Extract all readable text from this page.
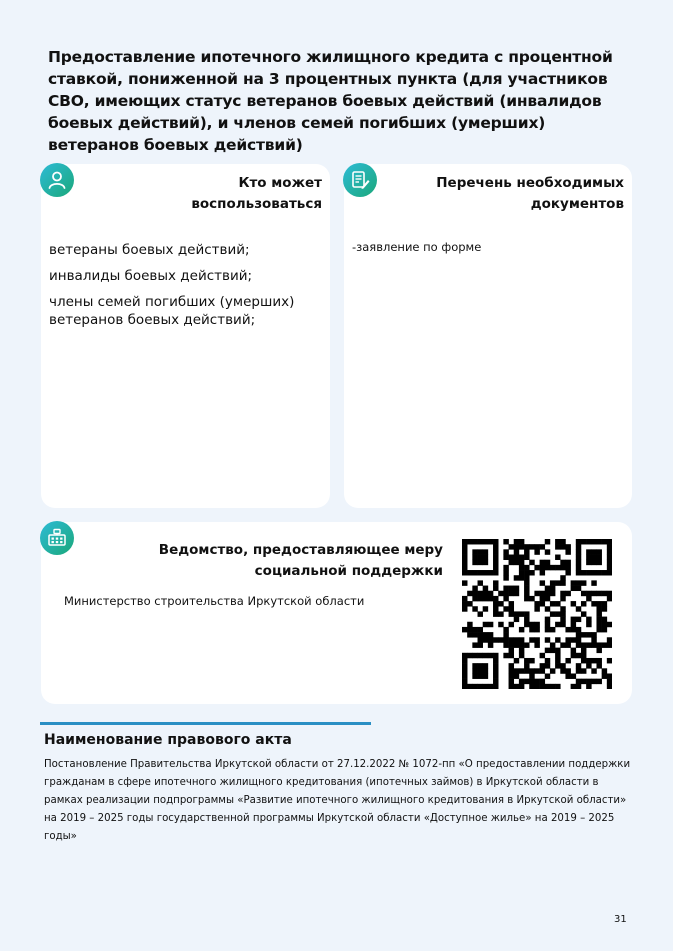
Предоставление ипотечного жилищного кредита с процентной ставкой, пониженной на 3 процентных пункта (для участников СВО, имеющих статус ветеранов боевых действий (инвалидов боевых действий), и членов семей погибших (умерших) ветеранов боевых действий)
Кто может
воспользоваться
ветераны боевых действий;
инвалиды боевых действий;
члены семей погибших (умерших) ветеранов боевых действий;
Перечень необходимых
документов
-заявление по форме
Ведомство, предоставляющее меру
социальной поддержки
Министерство строительства Иркутской области
Наименование правового акта
Постановление Правительства Иркутской области от 27.12.2022 № 1072-пп «О предоставлении поддержки гражданам в сфере ипотечного жилищного кредитования (ипотечных займов) в Иркутской области в рамках реализации подпрограммы «Развитие ипотечного жилищного кредитования в Иркутской области» на 2019 – 2025 годы государственной программы Иркутской области «Доступное жилье» на 2019 – 2025 годы»
31
